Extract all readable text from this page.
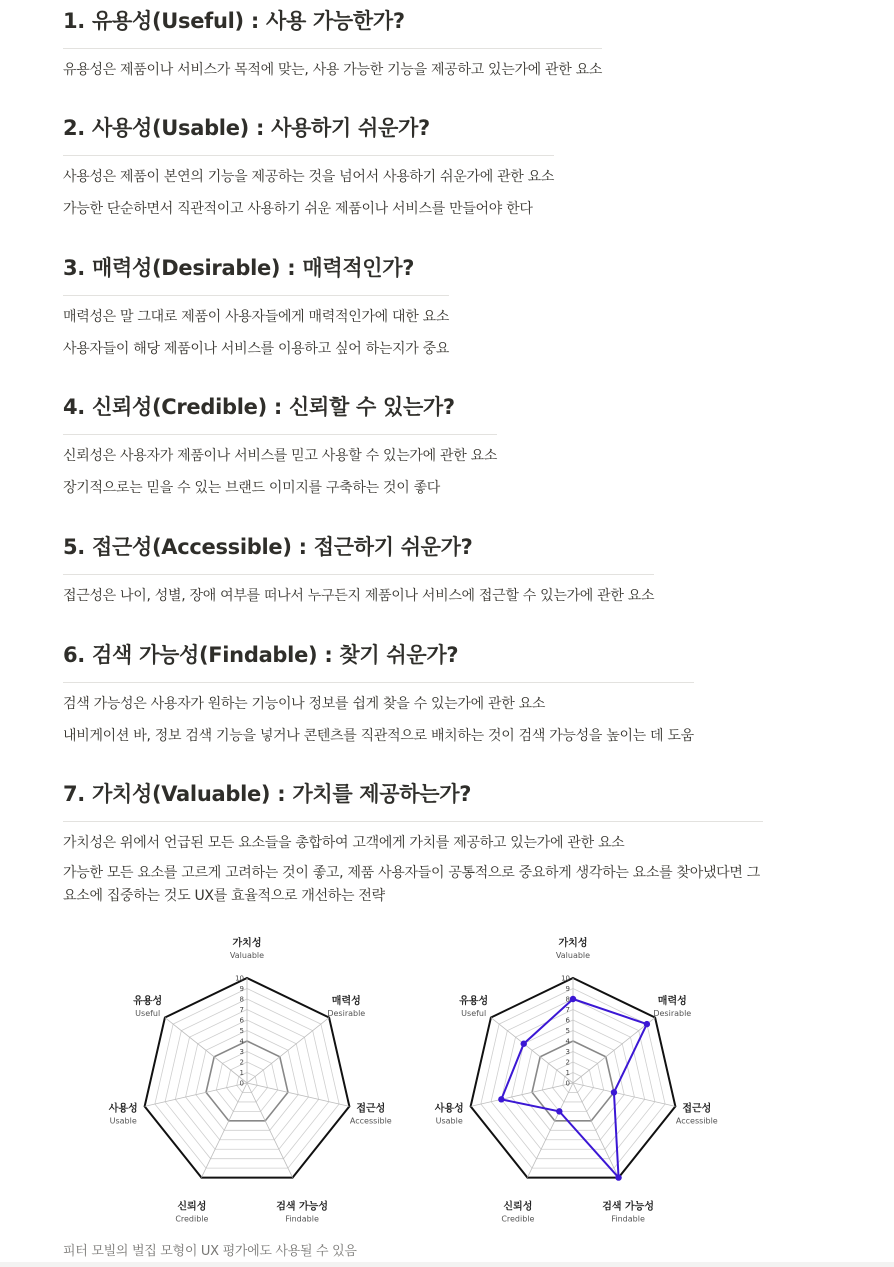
1. 유용성(Useful) : 사용 가능한가?

유용성은 제품이나 서비스가 목적에 맞는, 사용 가능한 기능을 제공하고 있는가에 관한 요소

2. 사용성(Usable) : 사용하기 쉬운가?

사용성은 제품이 본연의 기능을 제공하는 것을 넘어서 사용하기 쉬운가에 관한 요소

가능한 단순하면서 직관적이고 사용하기 쉬운 제품이나 서비스를 만들어야 한다

3. 매력성(Desirable) : 매력적인가?

매력성은 말 그대로 제품이 사용자들에게 매력적인가에 대한 요소

사용자들이 해당 제품이나 서비스를 이용하고 싶어 하는지가 중요

4. 신뢰성(Credible) : 신뢰할 수 있는가?

신뢰성은 사용자가 제품이나 서비스를 믿고 사용할 수 있는가에 관한 요소

장기적으로는 믿을 수 있는 브랜드 이미지를 구축하는 것이 좋다

5. 접근성(Accessible) : 접근하기 쉬운가?

접근성은 나이, 성별, 장애 여부를 떠나서 누구든지 제품이나 서비스에 접근할 수 있는가에 관한 요소

6. 검색 가능성(Findable) : 찾기 쉬운가?

검색 가능성은 사용자가 원하는 기능이나 정보를 쉽게 찾을 수 있는가에 관한 요소

내비게이션 바, 정보 검색 기능을 넣거나 콘텐츠를 직관적으로 배치하는 것이 검색 가능성을 높이는 데 도움

7. 가치성(Valuable) : 가치를 제공하는가?

가치성은 위에서 언급된 모든 요소들을 총합하여 고객에게 가치를 제공하고 있는가에 관한 요소

가능한 모든 요소를 고르게 고려하는 것이 좋고, 제품 사용자들이 공통적으로 중요하게 생각하는 요소를 찾아냈다면 그 요소에 집중하는 것도 UX를 효율적으로 개선하는 전략

0
1
2
3
4
5
6
7
8
9
10
가치성
Valuable
매력성
Desirable
접근성
Accessible
검색 가능성
Findable
신뢰성
Credible
사용성
Usable
유용성
Useful
0
1
2
3
4
5
6
7
8
9
10
가치성
Valuable
매력성
Desirable
접근성
Accessible
검색 가능성
Findable
신뢰성
Credible
사용성
Usable
유용성
Useful
피터 모빌의 벌집 모형이 UX 평가에도 사용될 수 있음
